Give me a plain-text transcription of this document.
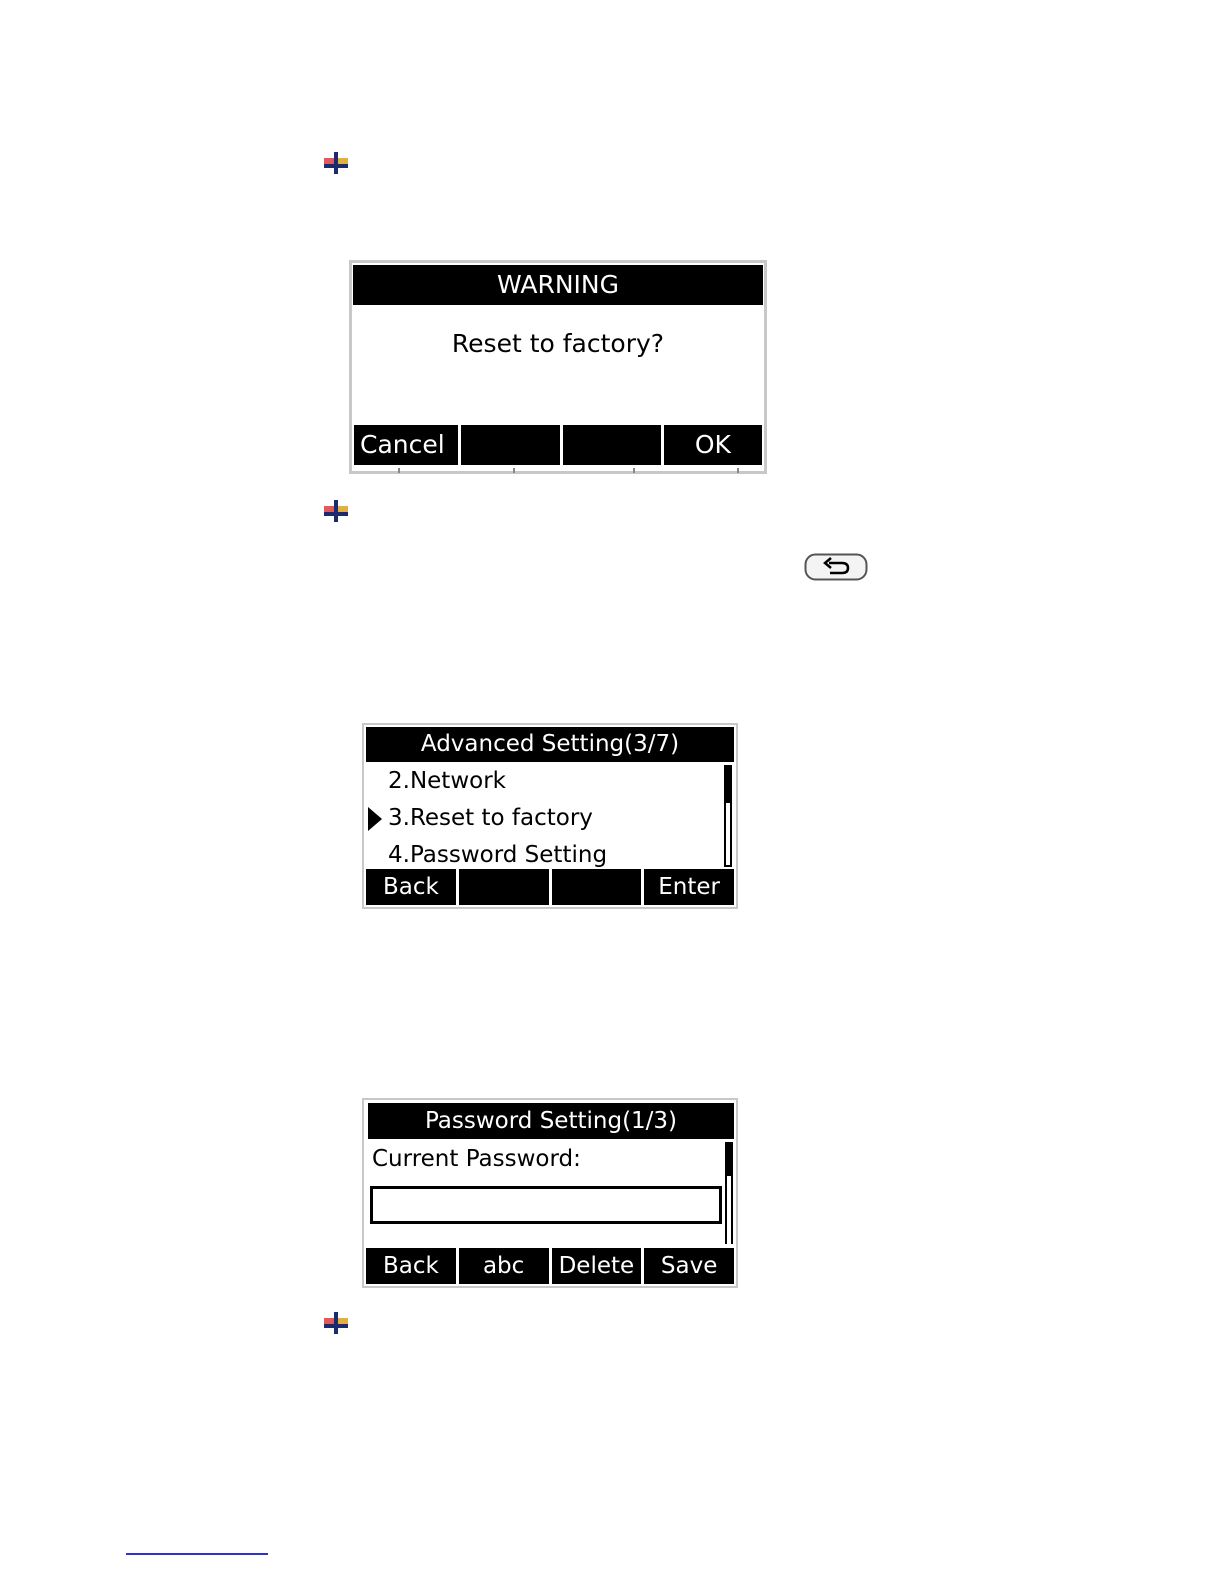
WARNING
Reset to factory?
Cancel	OK
Advanced Setting(3/7)
2.Network
3.Reset to factory
4.Password Setting
Back	Enter
Password Setting(1/3)
Current Password:
Back	abc	Delete	Save
